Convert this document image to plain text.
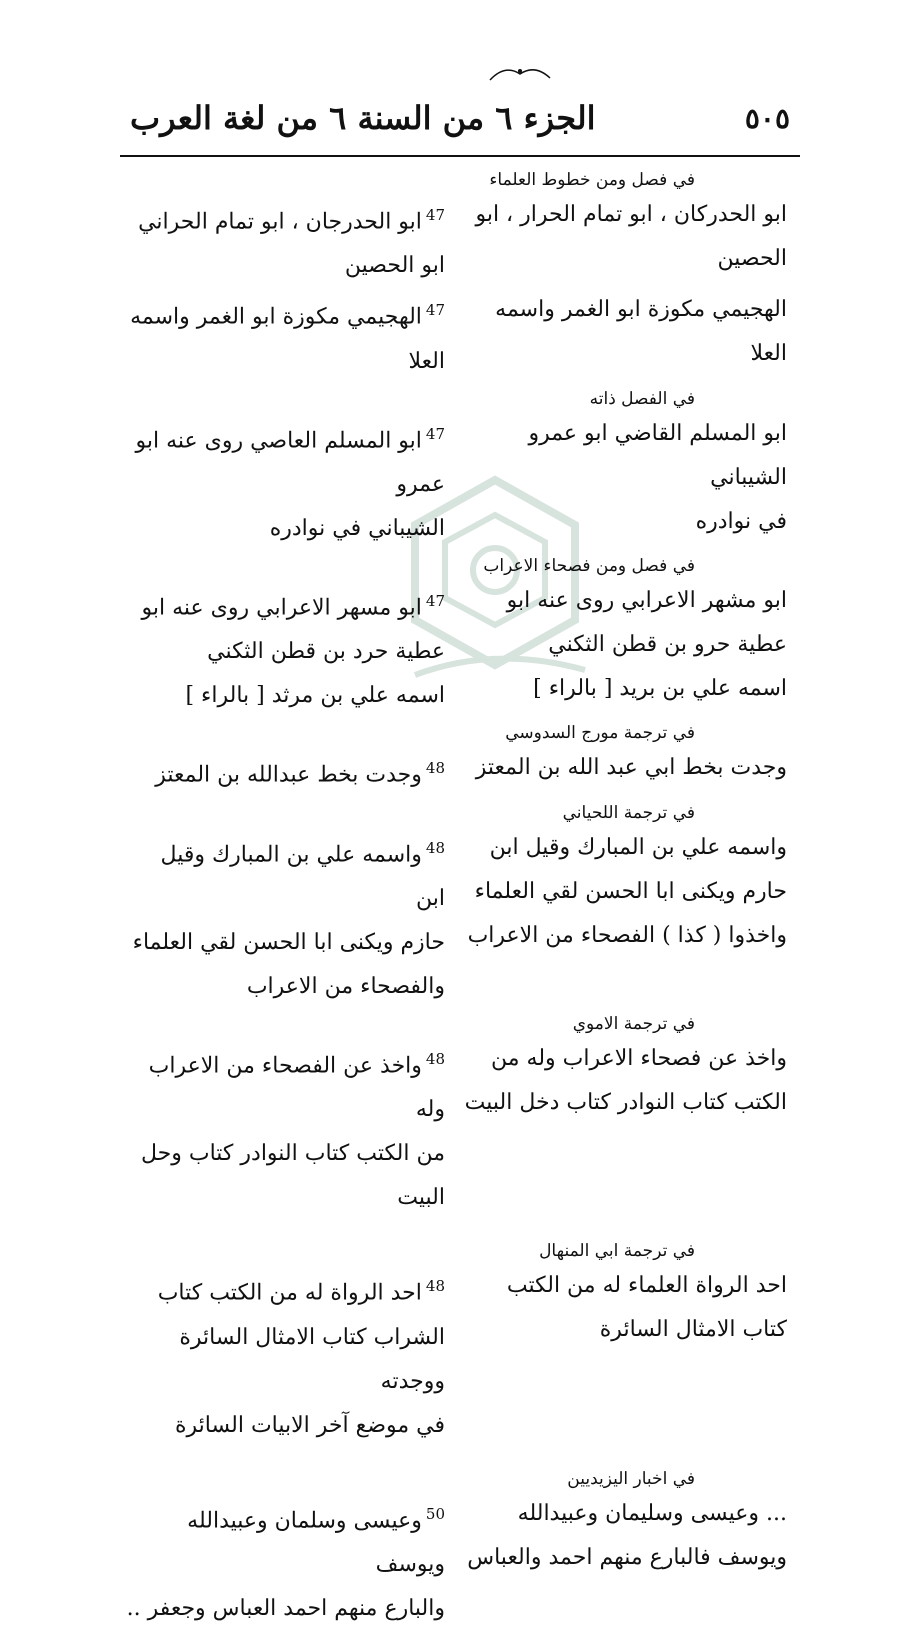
الجزء ٦ من السنة ٦ من لغة العرب	٥٠٥
في فصل ومن خطوط العلماء
$^{47}$ابو الحدرجان ، ابو تمام الحراني
ابو الحصين
ابو الحدركان ، ابو تمام الحرار ، ابو
الحصين
$^{47}$الهجيمي مكوزة ابو الغمر واسمه العلا
الهجيمي مكوزة ابو الغمر واسمه العلا
في الفصل ذاته
$^{47}$ابو المسلم العاصي روى عنه ابو عمرو
الشيباني في نوادره
ابو المسلم القاضي ابو عمرو الشيباني
في نوادره
في فصل ومن فصحاء الاعراب
$^{47}$ابو مسهر الاعرابي روى عنه ابو
عطية حرد بن قطن الثكني
اسمه علي بن مرثد [ بالراء ]
ابو مشهر الاعرابي روى عنه ابو
عطية حرو بن قطن الثكني
اسمه علي بن بريد [ بالراء ]
في ترجمة مورج السدوسي
$^{48}$وجدت بخط عبدالله بن المعتز	وجدت بخط ابي عبد الله بن المعتز
في ترجمة اللحياني
$^{48}$واسمه علي بن المبارك وقيل ابن
حازم ويكنى ابا الحسن لقي العلماء
والفصحاء من الاعراب
واسمه علي بن المبارك وقيل ابن
حارم ويكنى ابا الحسن لقي العلماء
واخذوا ( كذا ) الفصحاء من الاعراب
في ترجمة الاموي
$^{48}$واخذ عن الفصحاء من الاعراب وله
من الكتب كتاب النوادر كتاب وحل
البيت
واخذ عن فصحاء الاعراب وله من
الكتب كتاب النوادر كتاب دخل البيت
في ترجمة ابي المنهال
$^{48}$احد الرواة له من الكتب كتاب
الشراب كتاب الامثال السائرة ووجدته
في موضع آخر الابيات السائرة
احد الرواة العلماء له من الكتب
كتاب الامثال السائرة
في اخبار اليزيديين
$^{50}$وعيسى وسلمان وعبيدالله ويوسف
والبارع منهم احمد العباس وجعفر ..
... وعيسى وسليمان وعبيدالله
ويوسف فالبارع منهم احمد والعباس
